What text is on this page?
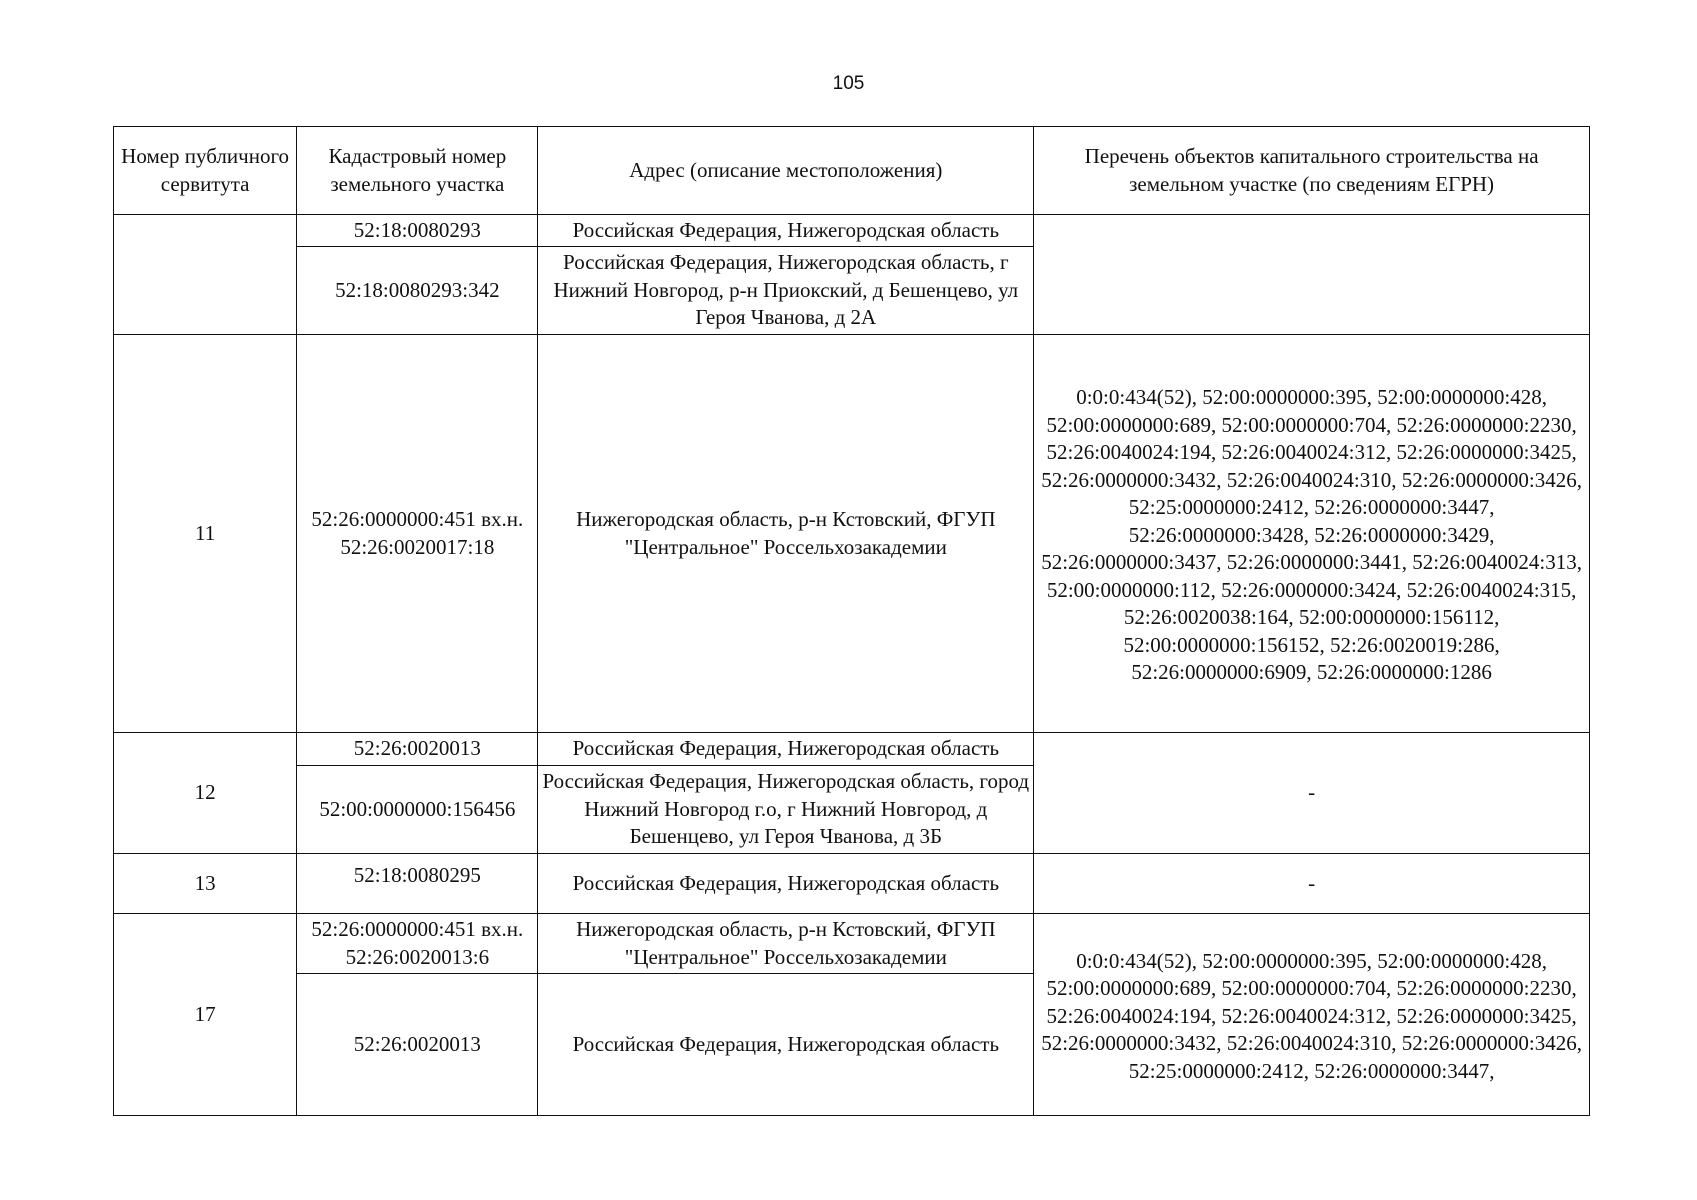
105
Номер публичного сервитута	Кадастровый номер земельного участка	Адрес (описание местоположения)	Перечень объектов капитального строительства на земельном участке (по сведениям ЕГРН)
	52:18:0080293	Российская Федерация, Нижегородская область	
	52:18:0080293:342	Российская Федерация, Нижегородская область, г Нижний Новгород, р-н Приокский, д Бешенцево, ул Героя Чванова, д 2А	
11	52:26:0000000:451 вх.н. 52:26:0020017:18	Нижегородская область, р-н Кстовский, ФГУП "Центральное" Россельхозакадемии	0:0:0:434(52), 52:00:0000000:395, 52:00:0000000:428, 52:00:0000000:689, 52:00:0000000:704, 52:26:0000000:2230, 52:26:0040024:194, 52:26:0040024:312, 52:26:0000000:3425, 52:26:0000000:3432, 52:26:0040024:310, 52:26:0000000:3426, 52:25:0000000:2412, 52:26:0000000:3447, 52:26:0000000:3428, 52:26:0000000:3429, 52:26:0000000:3437, 52:26:0000000:3441, 52:26:0040024:313, 52:00:0000000:112, 52:26:0000000:3424, 52:26:0040024:315, 52:26:0020038:164, 52:00:0000000:156112, 52:00:0000000:156152, 52:26:0020019:286, 52:26:0000000:6909, 52:26:0000000:1286
12	52:26:0020013	Российская Федерация, Нижегородская область	-
	52:00:0000000:156456	Российская Федерация, Нижегородская область, город Нижний Новгород г.о, г Нижний Новгород, д Бешенцево, ул Героя Чванова, д 3Б	
13	52:18:0080295	Российская Федерация, Нижегородская область	-
17	52:26:0000000:451 вх.н. 52:26:0020013:6	Нижегородская область, р-н Кстовский, ФГУП "Центральное" Россельхозакадемии	0:0:0:434(52), 52:00:0000000:395, 52:00:0000000:428, 52:00:0000000:689, 52:00:0000000:704, 52:26:0000000:2230, 52:26:0040024:194, 52:26:0040024:312, 52:26:0000000:3425, 52:26:0000000:3432, 52:26:0040024:310, 52:26:0000000:3426, 52:25:0000000:2412, 52:26:0000000:3447,
	52:26:0020013	Российская Федерация, Нижегородская область	
